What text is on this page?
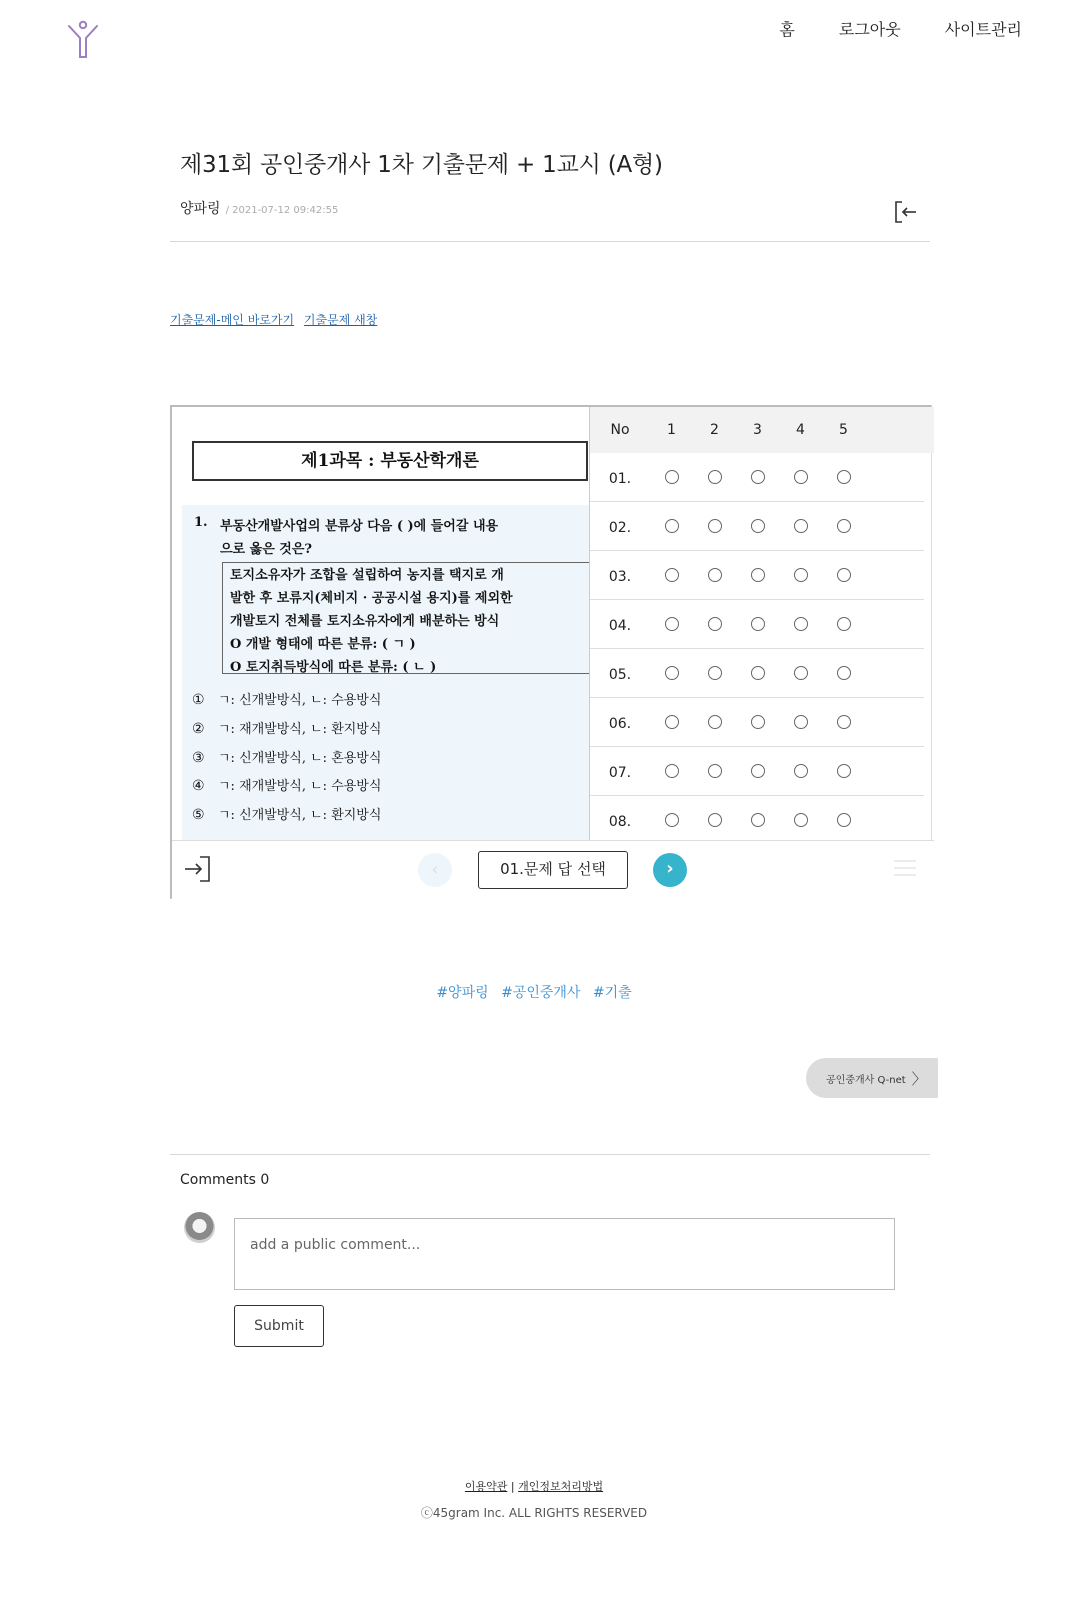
홈	로그아웃	사이트관리
제31회 공인중개사 1차 기출문제 + 1교시 (A형)
양파링 / 2021-07-12 09:42:55
기출문제-메인 바로가기 기출문제 새창
제1과목 : 부동산학개론
1. 부동산개발사업의 분류상 다음 ( )에 들어갈 내용
으로 옳은 것은?
토지소유자가 조합을 설립하여 농지를 택지로 개
발한 후 보류지(체비지 · 공공시설 용지)를 제외한
개발토지 전체를 토지소유자에게 배분하는 방식
O 개발 형태에 따른 분류: ( ㄱ )
O 토지취득방식에 따른 분류: ( ㄴ )
① ㄱ: 신개발방식, ㄴ: 수용방식
② ㄱ: 재개발방식, ㄴ: 환지방식
③ ㄱ: 신개발방식, ㄴ: 혼용방식
④ ㄱ: 재개발방식, ㄴ: 수용방식
⑤ ㄱ: 신개발방식, ㄴ: 환지방식
No	1	2	3	4	5
01.
02.
03.
04.
05.
06.
07.
08.
‹	01.문제 답 선택	›
#양파링 #공인중개사 #기출
공인중개사 Q-net 〉
Comments 0
add a public comment...
Submit
이용약관 | 개인정보처리방법
ⓒ45gram Inc. ALL RIGHTS RESERVED
